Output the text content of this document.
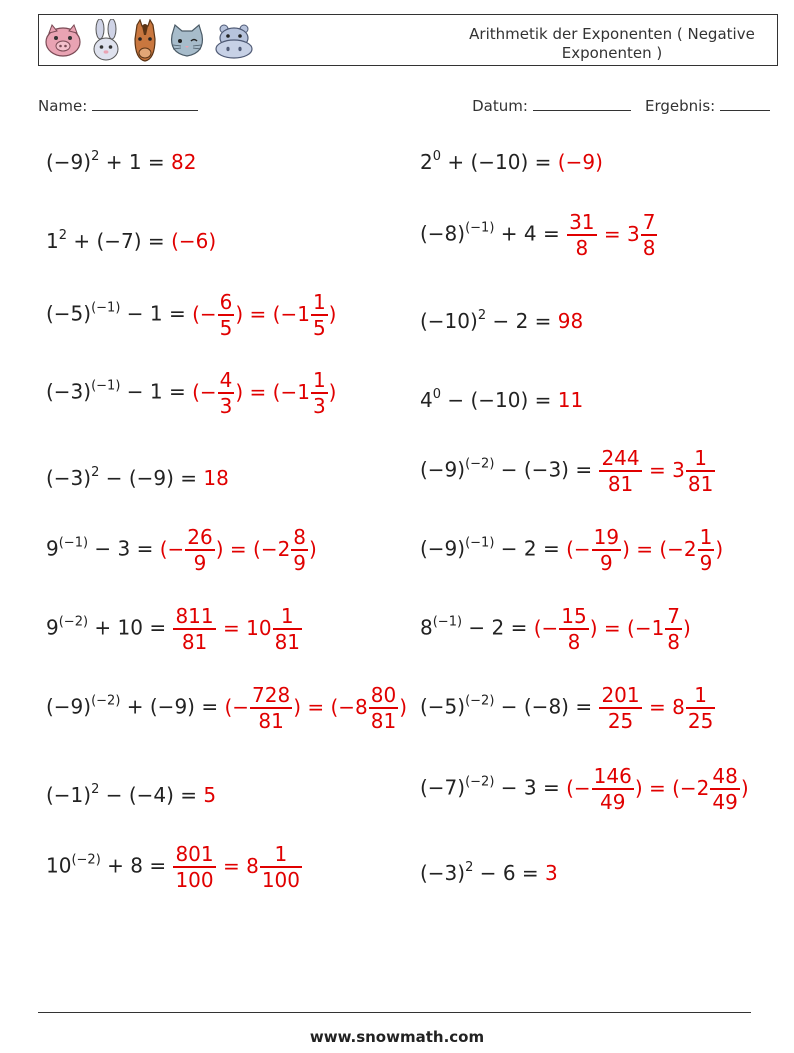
Arithmetik der Exponenten ( Negative Exponenten )
Name:	Datum:	Ergebnis:
$(-9)^2 + 1 = 82$
$1^2 + (-7) = (-6)$
$(-5)^{(-1)} - 1$ = (− $\frac{6}{5}$ ) = ($-1 \frac{1}{5}$ )
$(-3)^{(-1)} - 1$ = (− $\frac{4}{3}$ ) = ($-1 \frac{1}{3}$ )
$(-3)^2 - (-9) = 18$
$9^{(-1)} - 3$ = (− $\frac{26}{9}$ ) = ($-2 \frac{8}{9}$ )
$9^{(-2)} + 10 = \frac{811}{81} = 10 \frac{1}{81}$
$(-9)^{(-2)} + (-9)$ = (− $\frac{728}{81}$ ) = ($-8 \frac{80}{81}$ )
$(-1)^2 - (-4) = 5$
$10^{(-2)} + 8 = \frac{801}{100} = 8 \frac{1}{100}$
$2^0 + (-10) = (-9)$
$(-8)^{(-1)} + 4 = \frac{31}{8} = 3 \frac{7}{8}$
$(-10)^2 - 2 = 98$
$4^0 - (-10) = 11$
$(-9)^{(-2)} - (-3) = \frac{244}{81} = 3 \frac{1}{81}$
$(-9)^{(-1)} - 2$ = (− $\frac{19}{9}$ ) = ($-2 \frac{1}{9}$ )
$8^{(-1)} - 2$ = (− $\frac{15}{8}$ ) = ($-1 \frac{7}{8}$ )
$(-5)^{(-2)} - (-8) = \frac{201}{25} = 8 \frac{1}{25}$
$(-7)^{(-2)} - 3$ = (− $\frac{146}{49}$ ) = ($-2 \frac{48}{49}$ )
$(-3)^2 - 6 = 3$
www.snowmath.com
